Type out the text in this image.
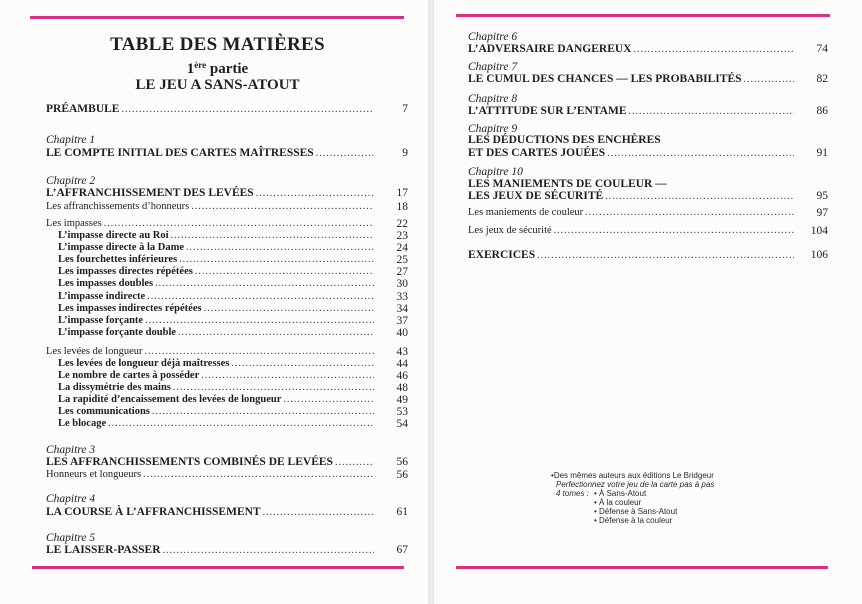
TABLE DES MATIÈRES
1ère partie
LE JEU A SANS-ATOUT
PRÉAMBULE .....	7
Chapitre 1
LE COMPTE INITIAL DES CARTES MAÎTRESSES .....	9
Chapitre 2
L’AFFRANCHISSEMENT DES LEVÉES .....	17
Les affranchissements d’honneurs .....	18
Les impasses .....	22
L’impasse directe au Roi .....	23
L’impasse directe à la Dame .....	24
Les fourchettes inférieures .....	25
Les impasses directes répétées .....	27
Les impasses doubles .....	30
L’impasse indirecte .....	33
Les impasses indirectes répétées .....	34
L’impasse forçante .....	37
L’impasse forçante double .....	40
Les levées de longueur .....	43
Les levées de longueur déjà maîtresses .....	44
Le nombre de cartes à posséder .....	46
La dissymétrie des mains .....	48
La rapidité d’encaissement des levées de longueur .....	49
Les communications .....	53
Le blocage .....	54
Chapitre 3
LES AFFRANCHISSEMENTS COMBINÉS DE LEVÉES .....	56
Honneurs et longueurs .....	56
Chapitre 4
LA COURSE À L’AFFRANCHISSEMENT .....	61
Chapitre 5
LE LAISSER-PASSER .....	67
Chapitre 6
L’ADVERSAIRE DANGEREUX .....	74
Chapitre 7
LE CUMUL DES CHANCES — LES PROBABILITÉS .....	82
Chapitre 8
L’ATTITUDE SUR L’ENTAME .....	86
Chapitre 9
LES DÉDUCTIONS DES ENCHÈRES
ET DES CARTES JOUÉES .....	91
Chapitre 10
LES MANIEMENTS DE COULEUR —
LES JEUX DE SÉCURITÉ .....	95
Les maniements de couleur .....	97
Les jeux de sécurité .....	104
EXERCICES .....	106
•Des mêmes auteurs aux éditions Le Bridgeur
Perfectionnez votre jeu de la carte pas à pas
4 tomes : • À Sans-Atout
• À la couleur
• Défense à Sans-Atout
• Défense à la couleur
